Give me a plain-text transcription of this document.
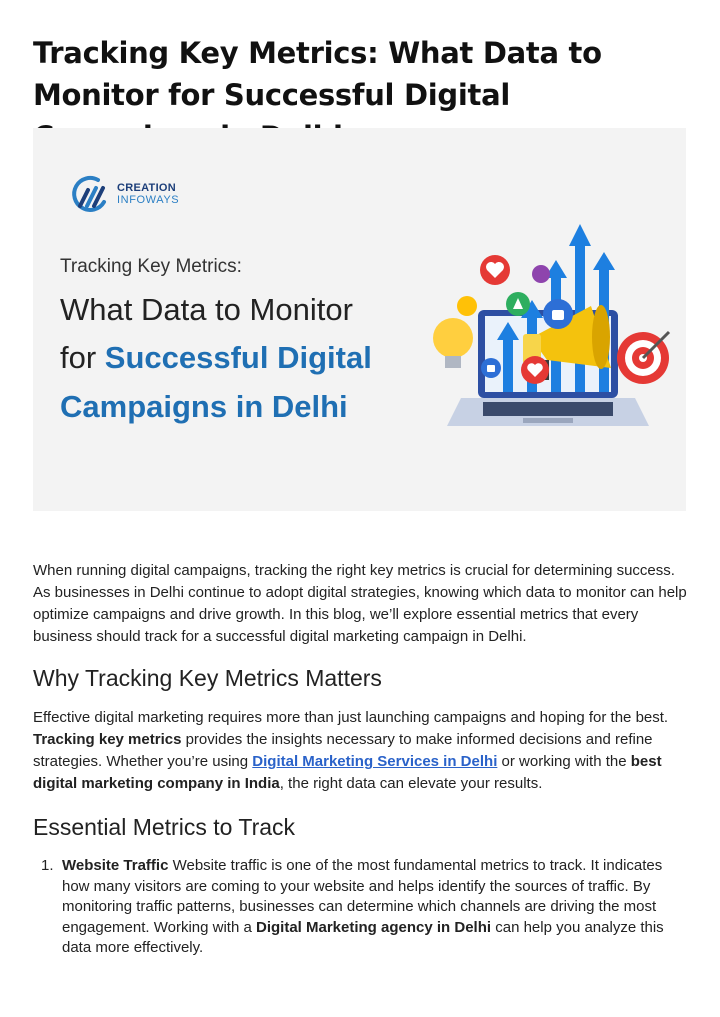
Tracking Key Metrics: What Data to Monitor for Successful Digital
CREATION
INFOWAYS
Tracking Key Metrics:
What Data to Monitor
for Successful Digital
Campaigns in Delhi

When running digital campaigns, tracking the right key metrics is crucial for determining success. As businesses in Delhi continue to adopt digital strategies, knowing which data to monitor can help optimize campaigns and drive growth. In this blog, we’ll explore essential metrics that every business should track for a successful digital marketing campaign in Delhi.

Why Tracking Key Metrics Matters

Effective digital marketing requires more than just launching campaigns and hoping for the best. Tracking key metrics provides the insights necessary to make informed decisions and refine strategies. Whether you’re using Digital Marketing Services in Delhi or working with the best digital marketing company in India, the right data can elevate your results.

Essential Metrics to Track
1. Website Traffic Website traffic is one of the most fundamental metrics to track. It indicates how many visitors are coming to your website and helps identify the sources of traffic. By monitoring traffic patterns, businesses can determine which channels are driving the most engagement. Working with a Digital Marketing agency in Delhi can help you analyze this data more effectively.
